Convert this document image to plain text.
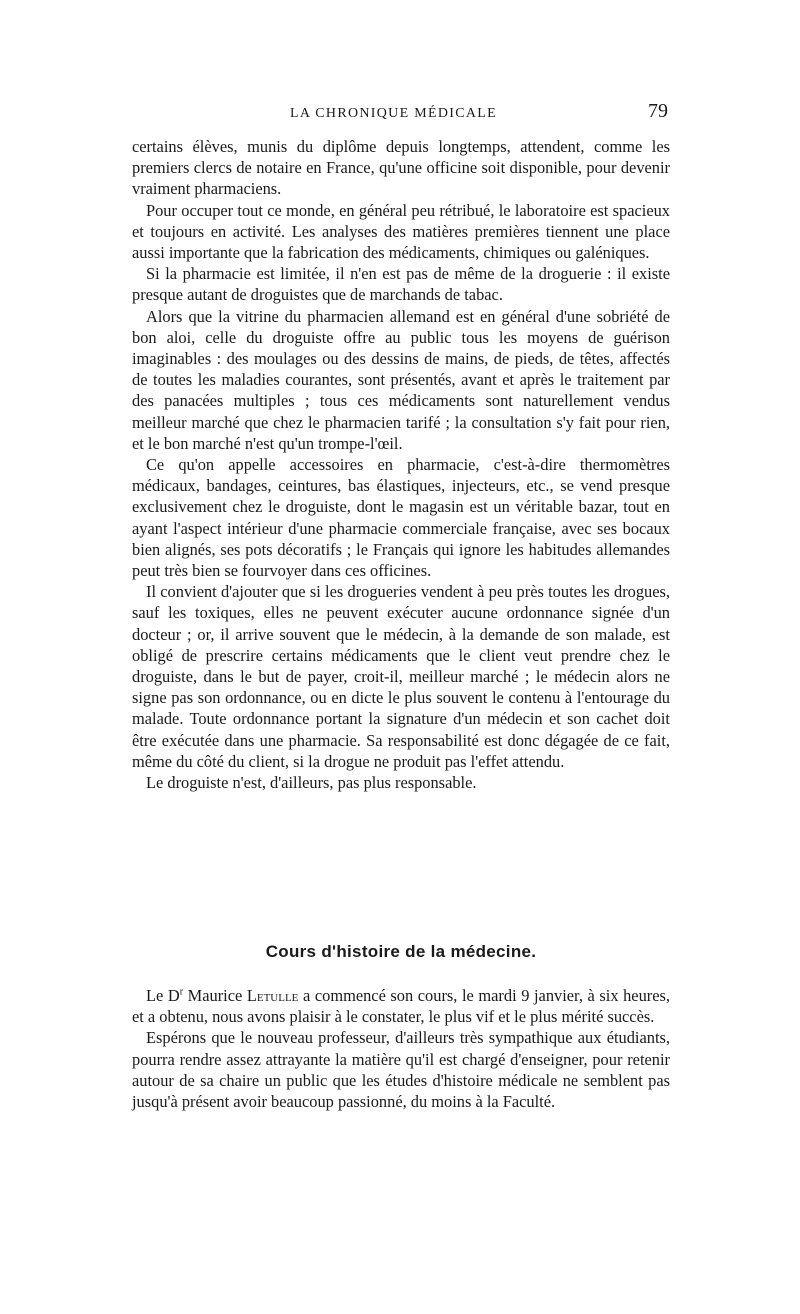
LA CHRONIQUE MÉDICALE	79

certains élèves, munis du diplôme depuis longtemps, attendent, comme les premiers clercs de notaire en France, qu'une officine soit disponible, pour devenir vraiment pharmaciens.

Pour occuper tout ce monde, en général peu rétribué, le laboratoire est spacieux et toujours en activité. Les analyses des matières premières tiennent une place aussi importante que la fabrication des médicaments, chimiques ou galéniques.

Si la pharmacie est limitée, il n'en est pas de même de la droguerie : il existe presque autant de droguistes que de marchands de tabac.

Alors que la vitrine du pharmacien allemand est en général d'une sobriété de bon aloi, celle du droguiste offre au public tous les moyens de guérison imaginables : des moulages ou des dessins de mains, de pieds, de têtes, affectés de toutes les maladies courantes, sont présentés, avant et après le traitement par des panacées multiples ; tous ces médicaments sont naturellement vendus meilleur marché que chez le pharmacien tarifé ; la consultation s'y fait pour rien, et le bon marché n'est qu'un trompe-l'œil.

Ce qu'on appelle accessoires en pharmacie, c'est-à-dire thermomètres médicaux, bandages, ceintures, bas élastiques, injecteurs, etc., se vend presque exclusivement chez le droguiste, dont le magasin est un véritable bazar, tout en ayant l'aspect intérieur d'une pharmacie commerciale française, avec ses bocaux bien alignés, ses pots décoratifs ; le Français qui ignore les habitudes allemandes peut très bien se fourvoyer dans ces officines.

Il convient d'ajouter que si les drogueries vendent à peu près toutes les drogues, sauf les toxiques, elles ne peuvent exécuter aucune ordonnance signée d'un docteur ; or, il arrive souvent que le médecin, à la demande de son malade, est obligé de prescrire certains médicaments que le client veut prendre chez le droguiste, dans le but de payer, croit-il, meilleur marché ; le médecin alors ne signe pas son ordonnance, ou en dicte le plus souvent le contenu à l'entourage du malade. Toute ordonnance portant la signature d'un médecin et son cachet doit être exécutée dans une pharmacie. Sa responsabilité est donc dégagée de ce fait, même du côté du client, si la drogue ne produit pas l'effet attendu.

Le droguiste n'est, d'ailleurs, pas plus responsable.

Cours d'histoire de la médecine.

Le $D^r$ Maurice Letulle a commencé son cours, le mardi 9 janvier, à six heures, et a obtenu, nous avons plaisir à le constater, le plus vif et le plus mérité succès.

Espérons que le nouveau professeur, d'ailleurs très sympathique aux étudiants, pourra rendre assez attrayante la matière qu'il est chargé d'enseigner, pour retenir autour de sa chaire un public que les études d'histoire médicale ne semblent pas jusqu'à présent avoir beaucoup passionné, du moins à la Faculté.
